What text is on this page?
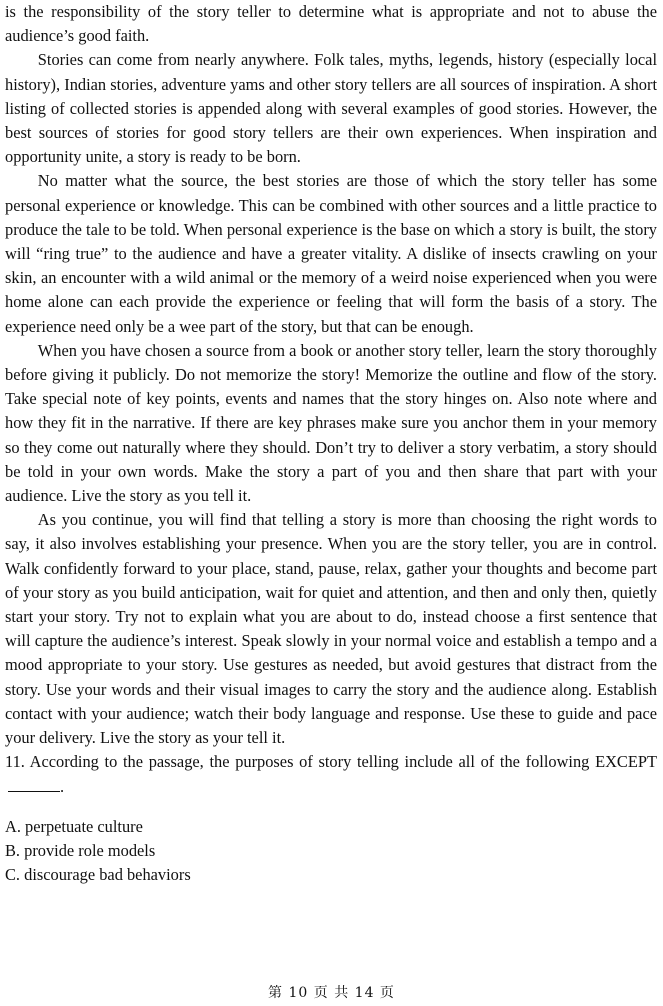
is the responsibility of the story teller to determine what is appropriate and not to abuse the audience’s good faith.

Stories can come from nearly anywhere. Folk tales, myths, legends, history (especially local history), Indian stories, adventure yams and other story tellers are all sources of inspiration. A short listing of collected stories is appended along with several examples of good stories. However, the best sources of stories for good story tellers are their own experiences. When inspiration and opportunity unite, a story is ready to be born.

No matter what the source, the best stories are those of which the story teller has some personal experience or knowledge. This can be combined with other sources and a little practice to produce the tale to be told. When personal experience is the base on which a story is built, the story will “ring true” to the audience and have a greater vitality. A dislike of insects crawling on your skin, an encounter with a wild animal or the memory of a weird noise experienced when you were home alone can each provide the experience or feeling that will form the basis of a story. The experience need only be a wee part of the story, but that can be enough.

When you have chosen a source from a book or another story teller, learn the story thoroughly before giving it publicly. Do not memorize the story! Memorize the outline and flow of the story. Take special note of key points, events and names that the story hinges on. Also note where and how they fit in the narrative. If there are key phrases make sure you anchor them in your memory so they come out naturally where they should. Don’t try to deliver a story verbatim, a story should be told in your own words. Make the story a part of you and then share that part with your audience. Live the story as you tell it.

As you continue, you will find that telling a story is more than choosing the right words to say, it also involves establishing your presence. When you are the story teller, you are in control. Walk confidently forward to your place, stand, pause, relax, gather your thoughts and become part of your story as you build anticipation, wait for quiet and attention, and then and only then, quietly start your story. Try not to explain what you are about to do, instead choose a first sentence that will capture the audience’s interest. Speak slowly in your normal voice and establish a tempo and a mood appropriate to your story. Use gestures as needed, but avoid gestures that distract from the story. Use your words and their visual images to carry the story and the audience along. Establish contact with your audience; watch their body language and response. Use these to guide and pace your delivery. Live the story as your tell it.

11. According to the passage, the purposes of story telling include all of the following EXCEPT.

A. perpetuate culture
B. provide role models
C. discourage bad behaviors
第 10 页 共 14 页
